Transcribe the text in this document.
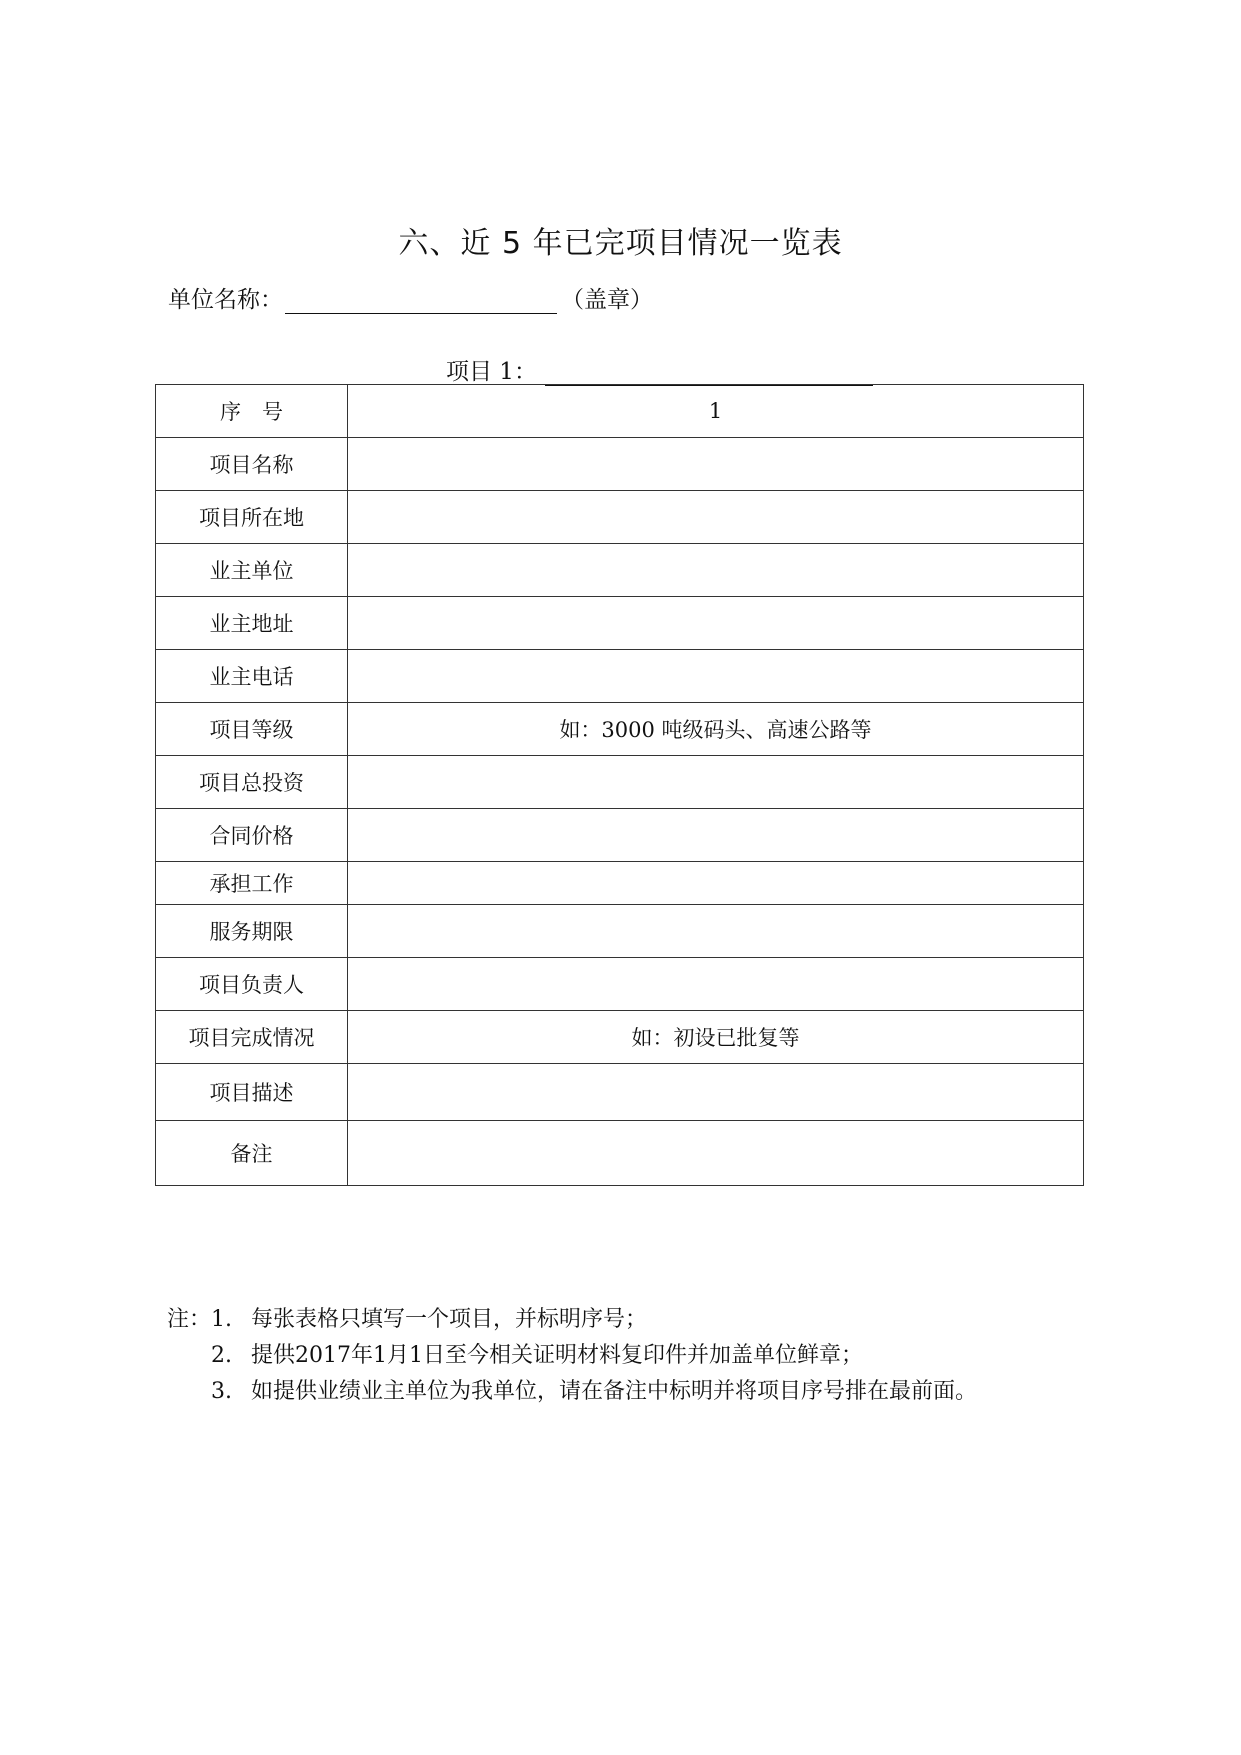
六、近 5 年已完项目情况一览表
单位名称：	（盖章）
项目 1：
序　号	1
项目名称	
项目所在地	
业主单位	
业主地址	
业主电话	
项目等级	如：3000 吨级码头、高速公路等
项目总投资	
合同价格	
承担工作	
服务期限	
项目负责人	
项目完成情况	如：初设已批复等
项目描述	
备注	
注： 1. 每张表格只填写一个项目，并标明序号；
2. 提供2017年1月1日至今相关证明材料复印件并加盖单位鲜章；
3. 如提供业绩业主单位为我单位，请在备注中标明并将项目序号排在最前面。
